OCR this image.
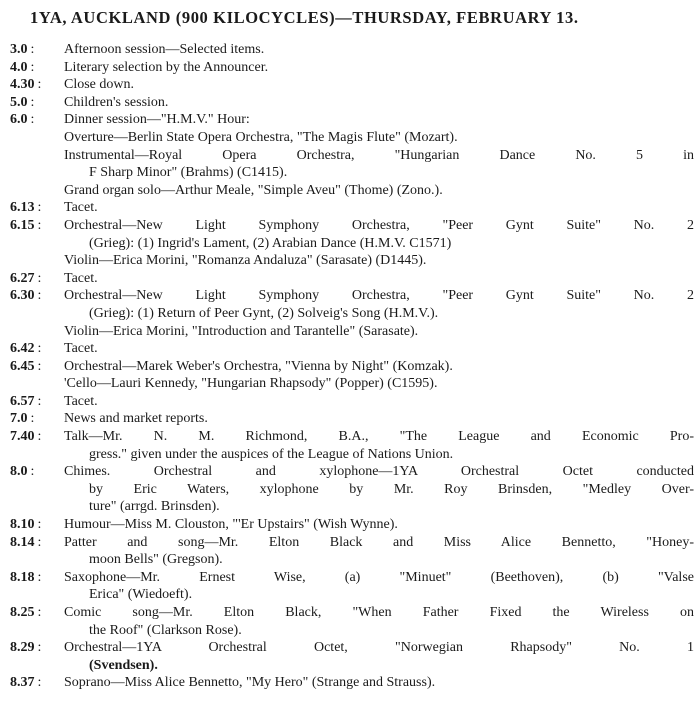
1YA, AUCKLAND (900 KILOCYCLES)—THURSDAY, FEBRUARY 13.
3.0 :	Afternoon session—Selected items.
4.0 :	Literary selection by the Announcer.
4.30 :	Close down.
5.0 :	Children's session.
6.0 :	Dinner session—"H.M.V." Hour:
Overture—Berlin State Opera Orchestra, "The Magis Flute" (Mozart).
Instrumental—Royal Opera Orchestra, "Hungarian Dance No. 5 in
F Sharp Minor" (Brahms) (C1415).
Grand organ solo—Arthur Meale, "Simple Aveu" (Thome) (Zono.).
6.13 :	Tacet.
6.15 :	Orchestral—New Light Symphony Orchestra, "Peer Gynt Suite" No. 2
(Grieg): (1) Ingrid's Lament, (2) Arabian Dance (H.M.V. C1571)
Violin—Erica Morini, "Romanza Andaluza" (Sarasate) (D1445).
6.27 :	Tacet.
6.30 :	Orchestral—New Light Symphony Orchestra, "Peer Gynt Suite" No. 2
(Grieg): (1) Return of Peer Gynt, (2) Solveig's Song (H.M.V.).
Violin—Erica Morini, "Introduction and Tarantelle" (Sarasate).
6.42 :	Tacet.
6.45 :	Orchestral—Marek Weber's Orchestra, "Vienna by Night" (Komzak).
'Cello—Lauri Kennedy, "Hungarian Rhapsody" (Popper) (C1595).
6.57 :	Tacet.
7.0 :	News and market reports.
7.40 :	Talk—Mr. N. M. Richmond, B.A., "The League and Economic Pro-
gress." given under the auspices of the League of Nations Union.
8.0 :	Chimes. Orchestral and xylophone—1YA Orchestral Octet conducted
by Eric Waters, xylophone by Mr. Roy Brinsden, "Medley Over-
ture" (arrgd. Brinsden).
8.10 :	Humour—Miss M. Clouston, "'Er Upstairs" (Wish Wynne).
8.14 :	Patter and song—Mr. Elton Black and Miss Alice Bennetto, "Honey-
moon Bells" (Gregson).
8.18 :	Saxophone—Mr. Ernest Wise, (a) "Minuet" (Beethoven), (b) "Valse
Erica" (Wiedoeft).
8.25 :	Comic song—Mr. Elton Black, "When Father Fixed the Wireless on
the Roof" (Clarkson Rose).
8.29 :	Orchestral—1YA Orchestral Octet, "Norwegian Rhapsody" No. 1
(Svendsen).
8.37 :	Soprano—Miss Alice Bennetto, "My Hero" (Strange and Strauss).
